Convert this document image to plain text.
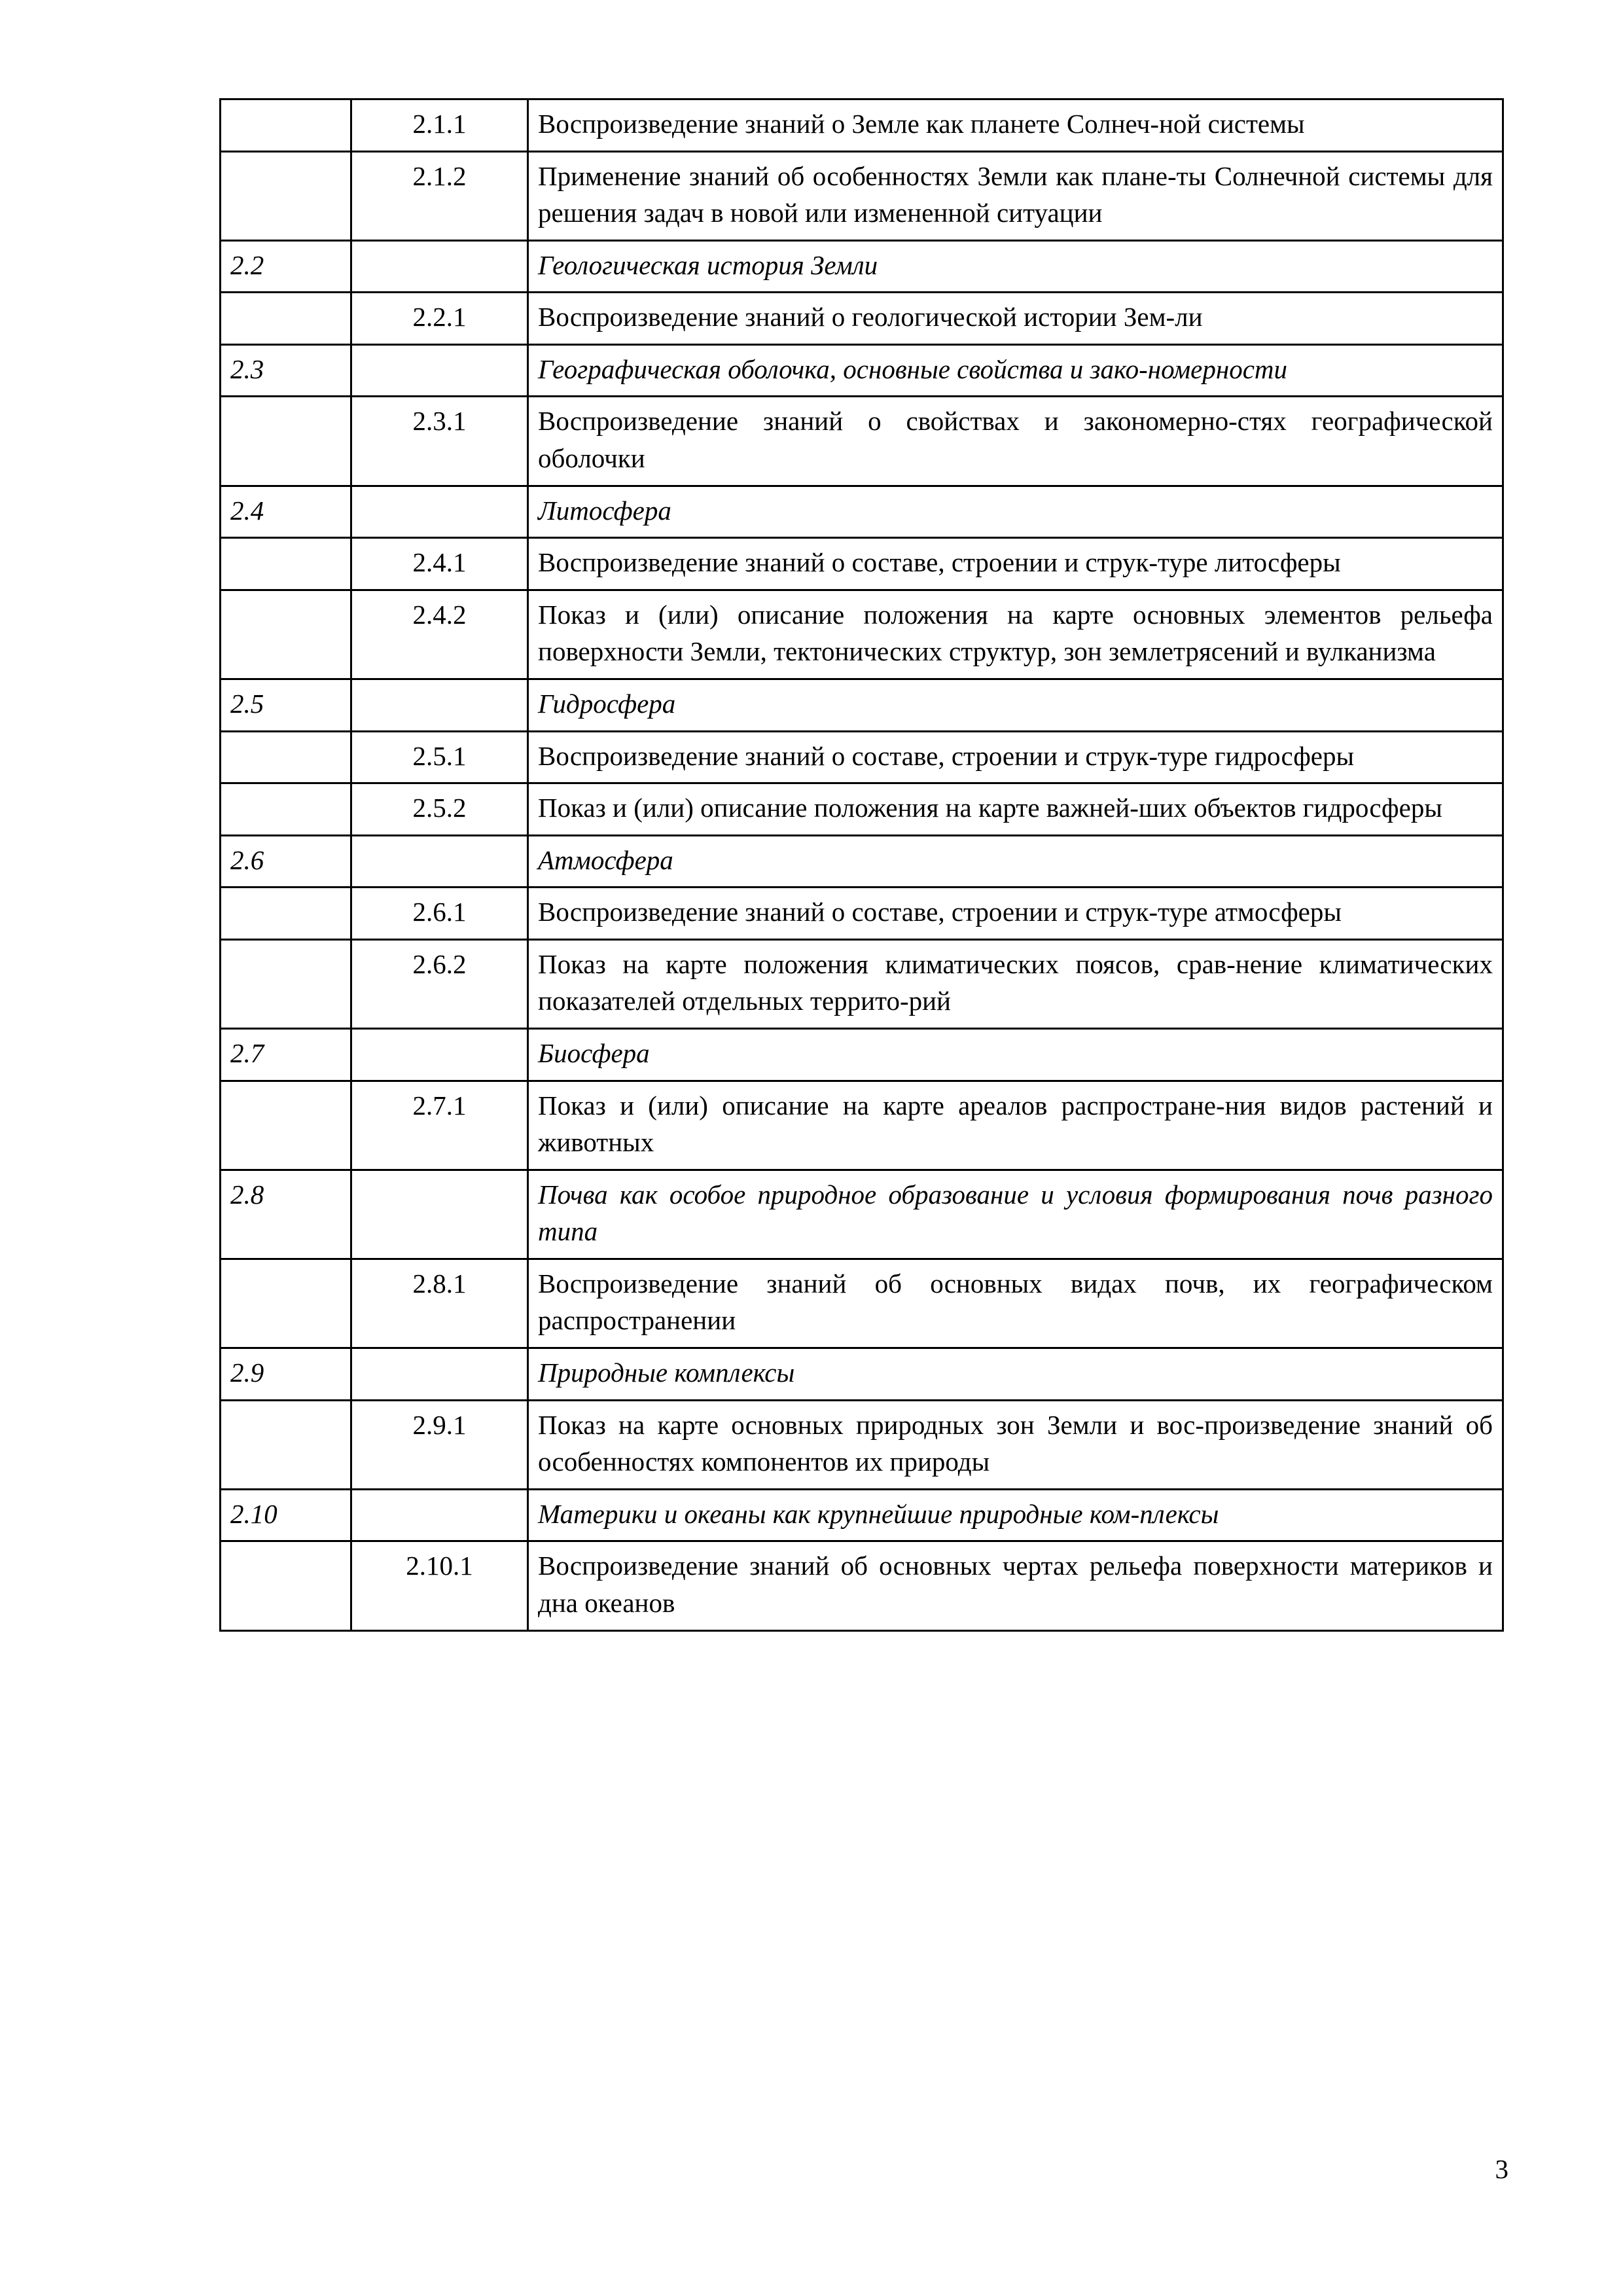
	2.1.1	Воспроизведение знаний о Земле как планете Солнеч-ной системы
	2.1.2	Применение знаний об особенностях Земли как плане-ты Солнечной системы для решения задач в новой или измененной ситуации
2.2		Геологическая история Земли
	2.2.1	Воспроизведение знаний о геологической истории Зем-ли
2.3		Географическая оболочка, основные свойства и зако-номерности
	2.3.1	Воспроизведение знаний о свойствах и закономерно-стях географической оболочки
2.4		Литосфера
	2.4.1	Воспроизведение знаний о составе, строении и струк-туре литосферы
	2.4.2	Показ и (или) описание положения на карте основных элементов рельефа поверхности Земли, тектонических структур, зон землетрясений и вулканизма
2.5		Гидросфера
	2.5.1	Воспроизведение знаний о составе, строении и струк-туре гидросферы
	2.5.2	Показ и (или) описание положения на карте важней-ших объектов гидросферы
2.6		Атмосфера
	2.6.1	Воспроизведение знаний о составе, строении и струк-туре атмосферы
	2.6.2	Показ на карте положения климатических поясов, срав-нение климатических показателей отдельных террито-рий
2.7		Биосфера
	2.7.1	Показ и (или) описание на карте ареалов распростране-ния видов растений и животных
2.8		Почва как особое природное образование и условия формирования почв разного типа
	2.8.1	Воспроизведение знаний об основных видах почв, их географическом распространении
2.9		Природные комплексы
	2.9.1	Показ на карте основных природных зон Земли и вос-произведение знаний об особенностях компонентов их природы
2.10		Материки и океаны как крупнейшие природные ком-плексы
	2.10.1	Воспроизведение знаний об основных чертах рельефа поверхности материков и дна океанов
3
